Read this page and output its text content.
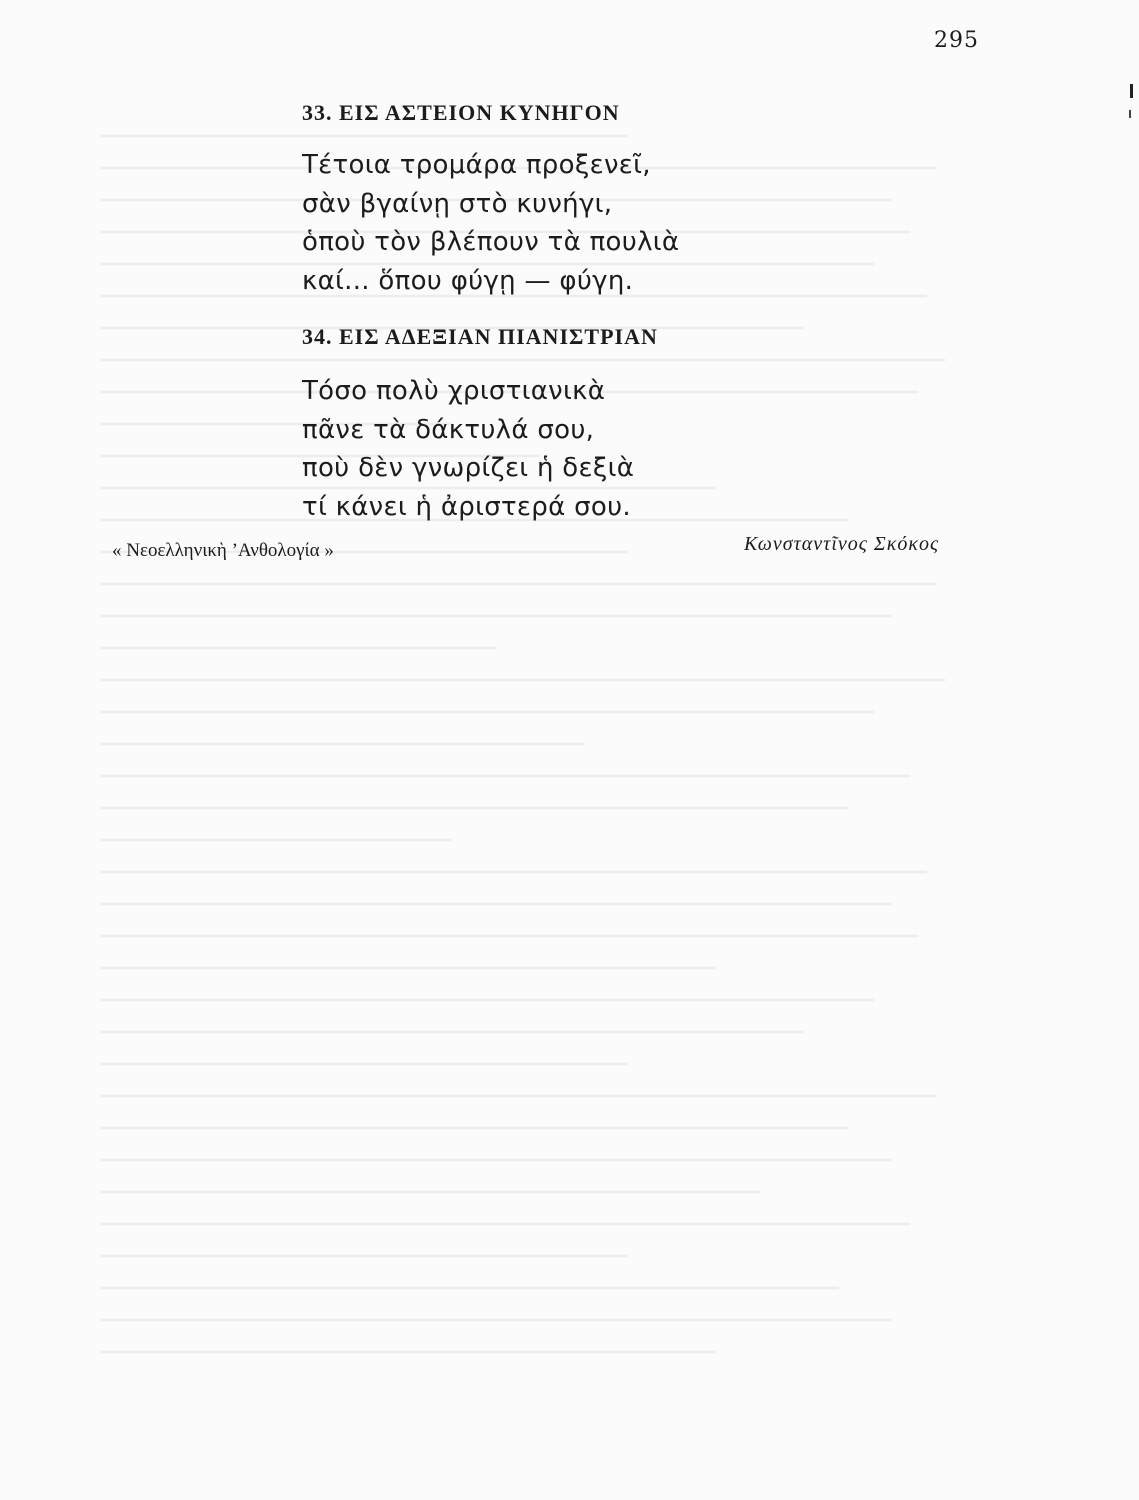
295
33. ΕΙΣ ΑΣΤΕΙΟΝ ΚΥΝΗΓΟΝ

Τέτοια τρομάρα προξενεῖ,

σὰν βγαίνῃ στὸ κυνήγι,

ὁποὺ τὸν βλέπουν τὰ πουλιὰ

καί... ὅπου φύγῃ — φύγη.

34. ΕΙΣ ΑΔΕΞΙΑΝ ΠΙΑΝΙΣΤΡΙΑΝ

Τόσο πολὺ χριστιανικὰ

πᾶνε τὰ δάκτυλά σου,

ποὺ δὲν γνωρίζει ἡ δεξιὰ

τί κάνει ἡ ἀριστερά σου.

« Νεοελληνικὴ ’Ανθολογία »	Κωνσταντῖνος Σκόκος
